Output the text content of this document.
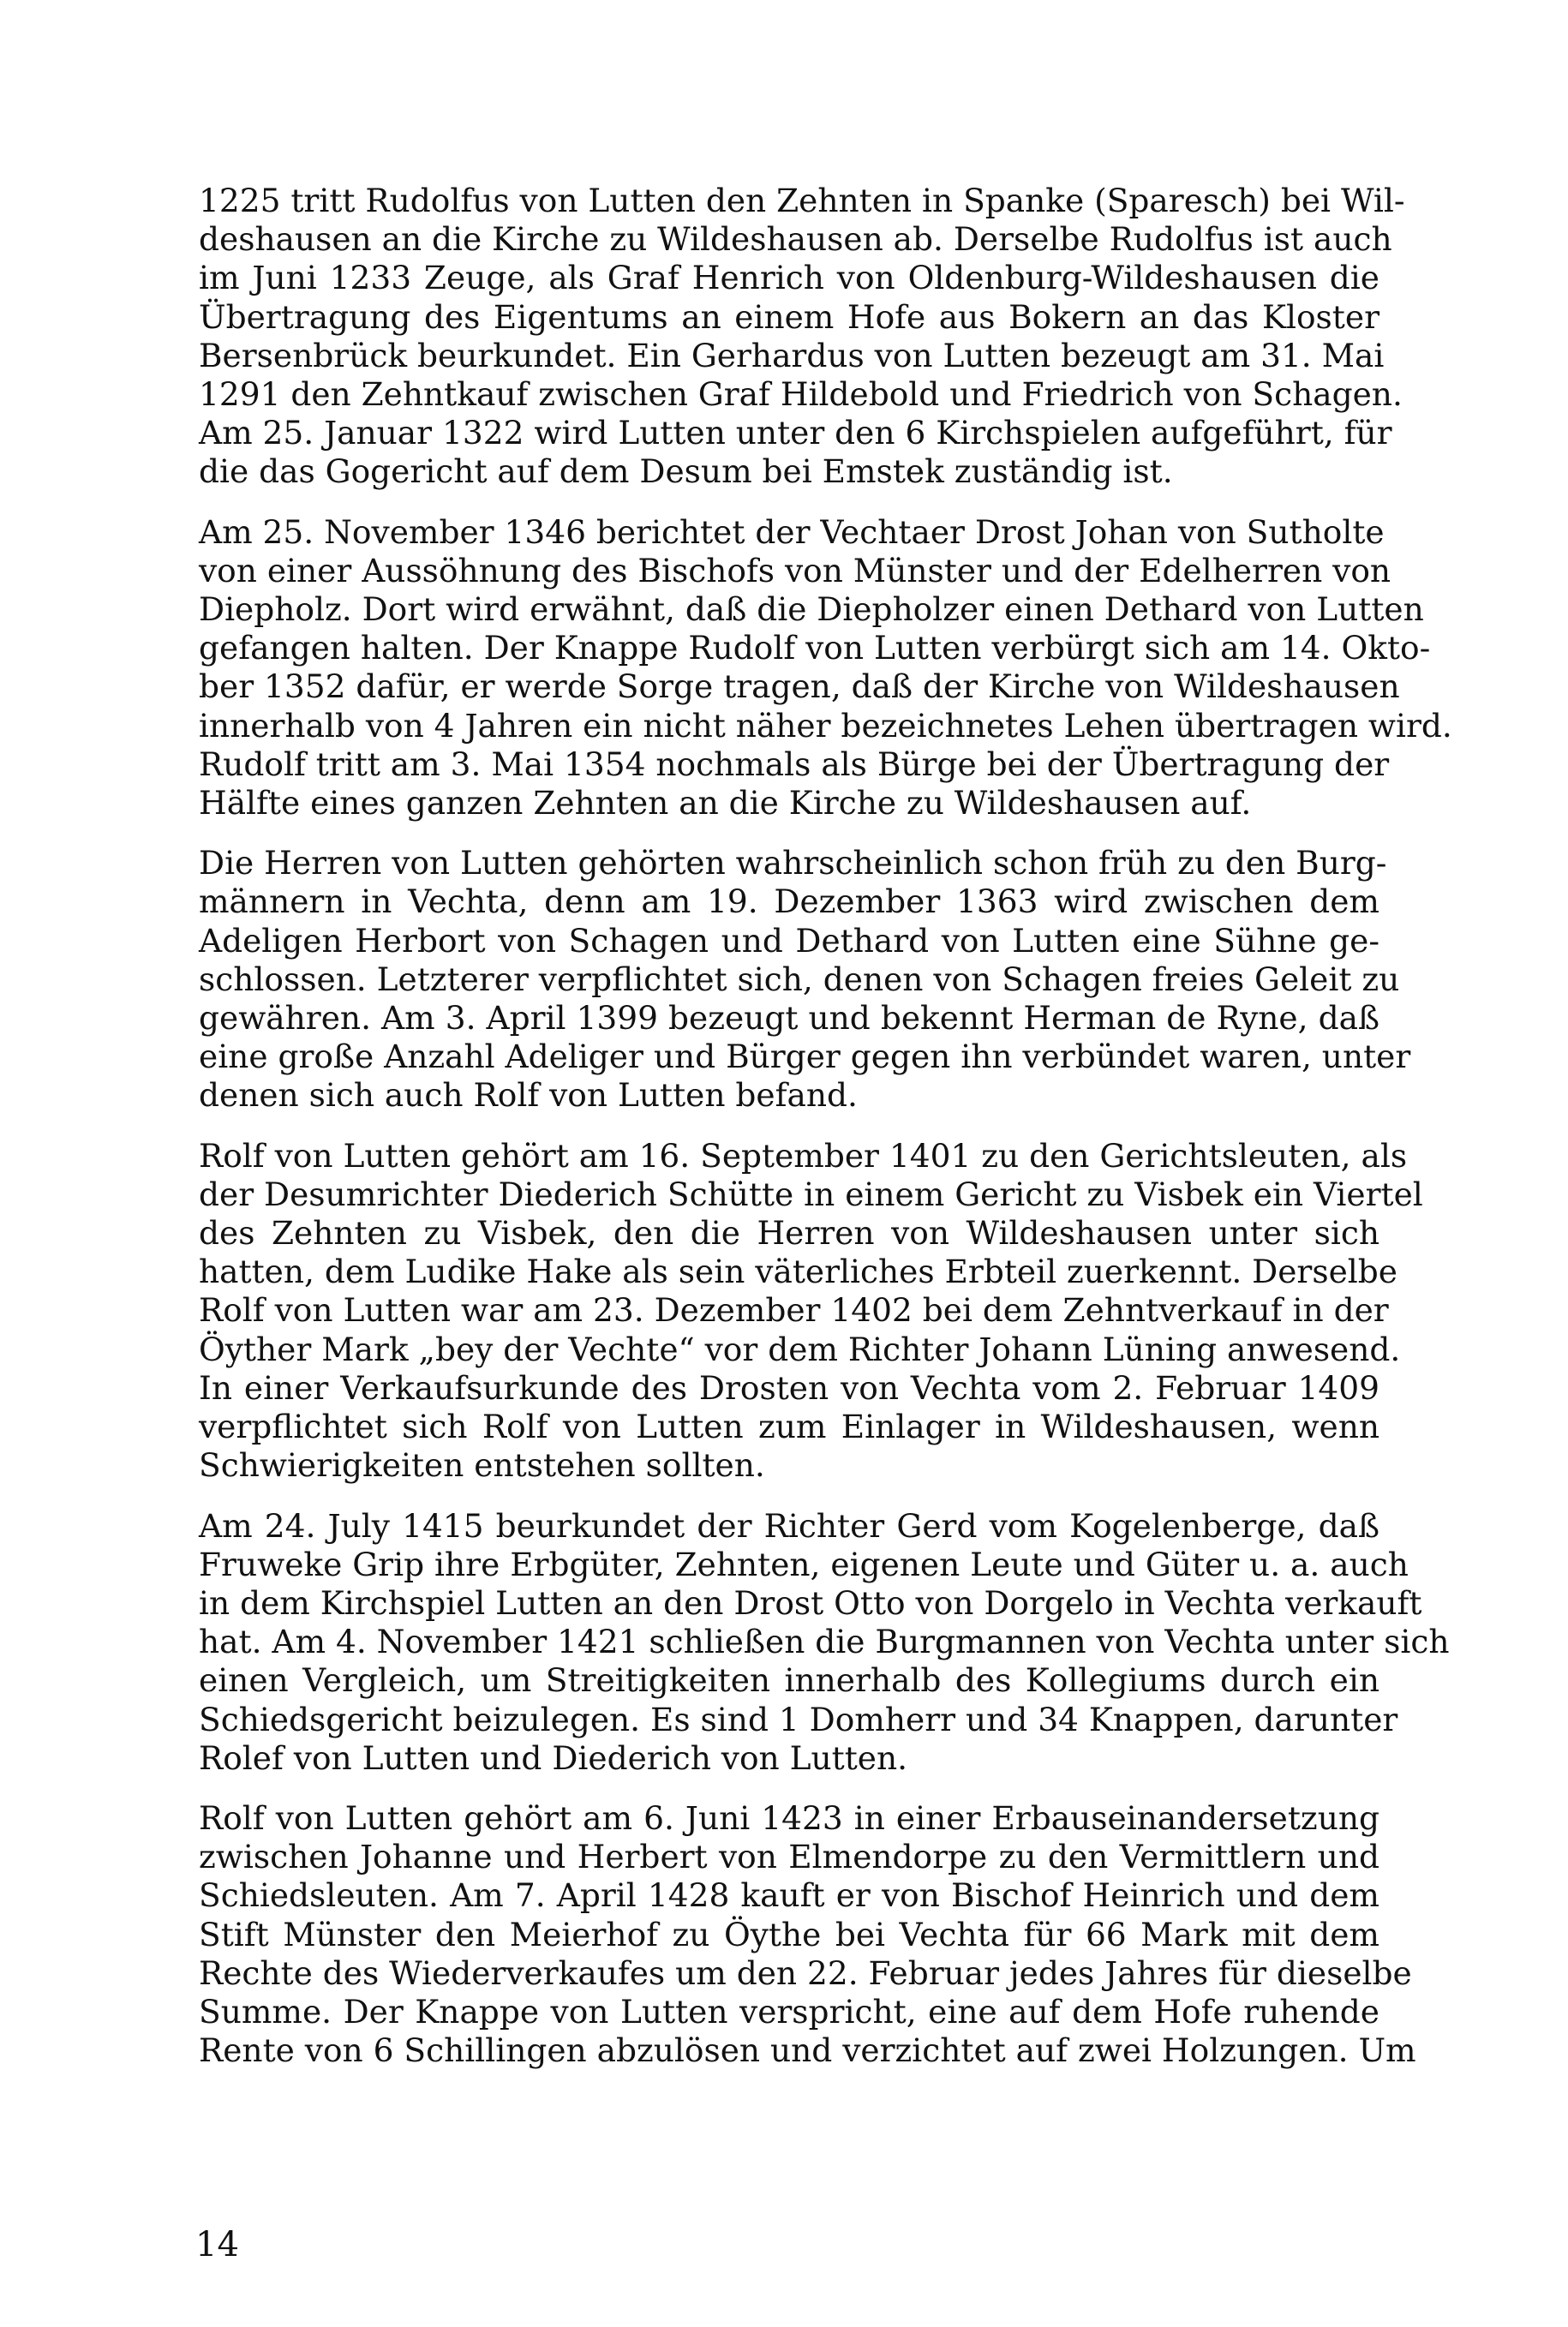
1225 tritt Rudolfus von Lutten den Zehnten in Spanke (Sparesch) bei Wil-
deshausen an die Kirche zu Wildeshausen ab. Derselbe Rudolfus ist auch
im Juni 1233 Zeuge, als Graf Henrich von Oldenburg-Wildeshausen die
Übertragung des Eigentums an einem Hofe aus Bokern an das Kloster
Bersenbrück beurkundet. Ein Gerhardus von Lutten bezeugt am 31. Mai
1291 den Zehntkauf zwischen Graf Hildebold und Friedrich von Schagen.
Am 25. Januar 1322 wird Lutten unter den 6 Kirchspielen aufgeführt, für
die das Gogericht auf dem Desum bei Emstek zuständig ist.
Am 25. November 1346 berichtet der Vechtaer Drost Johan von Sutholte
von einer Aussöhnung des Bischofs von Münster und der Edelherren von
Diepholz. Dort wird erwähnt, daß die Diepholzer einen Dethard von Lutten
gefangen halten. Der Knappe Rudolf von Lutten verbürgt sich am 14. Okto-
ber 1352 dafür, er werde Sorge tragen, daß der Kirche von Wildeshausen
innerhalb von 4 Jahren ein nicht näher bezeichnetes Lehen übertragen wird.
Rudolf tritt am 3. Mai 1354 nochmals als Bürge bei der Übertragung der
Hälfte eines ganzen Zehnten an die Kirche zu Wildeshausen auf.
Die Herren von Lutten gehörten wahrscheinlich schon früh zu den Burg-
männern in Vechta, denn am 19. Dezember 1363 wird zwischen dem
Adeligen Herbort von Schagen und Dethard von Lutten eine Sühne ge-
schlossen. Letzterer verpflichtet sich, denen von Schagen freies Geleit zu
gewähren. Am 3. April 1399 bezeugt und bekennt Herman de Ryne, daß
eine große Anzahl Adeliger und Bürger gegen ihn verbündet waren, unter
denen sich auch Rolf von Lutten befand.
Rolf von Lutten gehört am 16. September 1401 zu den Gerichtsleuten, als
der Desumrichter Diederich Schütte in einem Gericht zu Visbek ein Viertel
des Zehnten zu Visbek, den die Herren von Wildeshausen unter sich
hatten, dem Ludike Hake als sein väterliches Erbteil zuerkennt. Derselbe
Rolf von Lutten war am 23. Dezember 1402 bei dem Zehntverkauf in der
Öyther Mark „bey der Vechte“ vor dem Richter Johann Lüning anwesend.
In einer Verkaufsurkunde des Drosten von Vechta vom 2. Februar 1409
verpflichtet sich Rolf von Lutten zum Einlager in Wildeshausen, wenn
Schwierigkeiten entstehen sollten.
Am 24. July 1415 beurkundet der Richter Gerd vom Kogelenberge, daß
Fruweke Grip ihre Erbgüter, Zehnten, eigenen Leute und Güter u. a. auch
in dem Kirchspiel Lutten an den Drost Otto von Dorgelo in Vechta verkauft
hat. Am 4. November 1421 schließen die Burgmannen von Vechta unter sich
einen Vergleich, um Streitigkeiten innerhalb des Kollegiums durch ein
Schiedsgericht beizulegen. Es sind 1 Domherr und 34 Knappen, darunter
Rolef von Lutten und Diederich von Lutten.
Rolf von Lutten gehört am 6. Juni 1423 in einer Erbauseinandersetzung
zwischen Johanne und Herbert von Elmendorpe zu den Vermittlern und
Schiedsleuten. Am 7. April 1428 kauft er von Bischof Heinrich und dem
Stift Münster den Meierhof zu Öythe bei Vechta für 66 Mark mit dem
Rechte des Wiederverkaufes um den 22. Februar jedes Jahres für dieselbe
Summe. Der Knappe von Lutten verspricht, eine auf dem Hofe ruhende
Rente von 6 Schillingen abzulösen und verzichtet auf zwei Holzungen. Um
14
